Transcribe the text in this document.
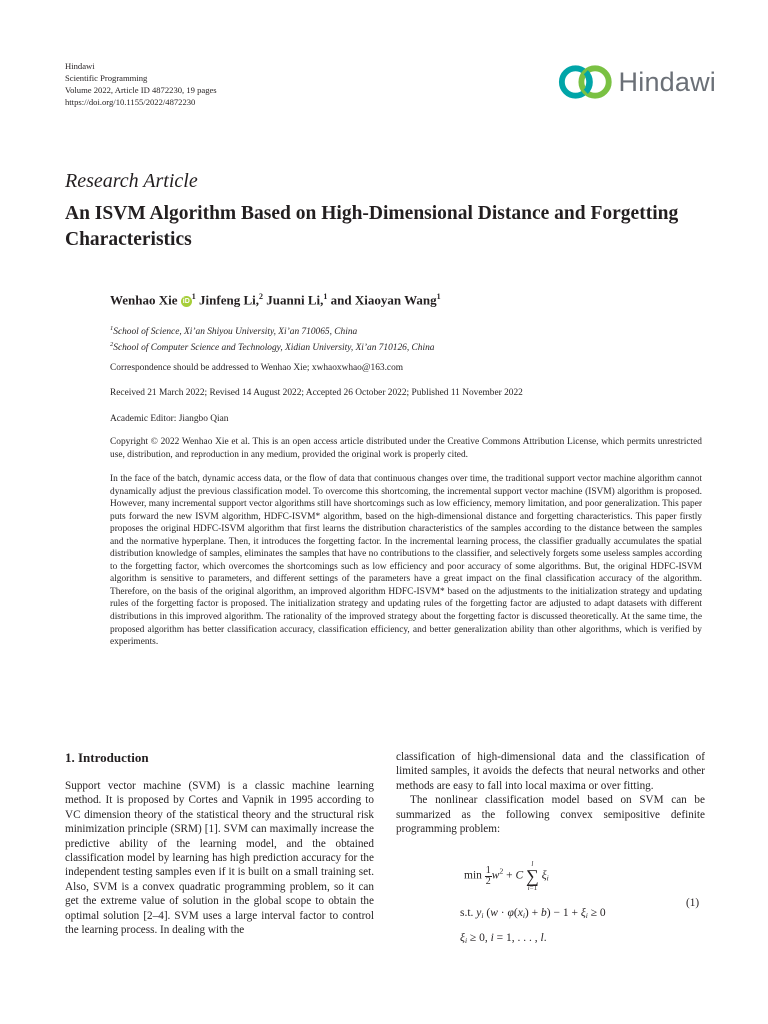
Hindawi
Scientific Programming
Volume 2022, Article ID 4872230, 19 pages
https://doi.org/10.1155/2022/4872230
Hindawi
Research Article
An ISVM Algorithm Based on High-Dimensional Distance and Forgetting Characteristics
Wenhao Xie $iD^1$ Jinfeng Li,$^2$ Juanni Li,$^1$ and Xiaoyan Wang$^1$
$^1$School of Science, Xi’an Shiyou University, Xi’an 710065, China
$^2$School of Computer Science and Technology, Xidian University, Xi’an 710126, China
Correspondence should be addressed to Wenhao Xie; xwhaoxwhao@163.com
Received 21 March 2022; Revised 14 August 2022; Accepted 26 October 2022; Published 11 November 2022
Academic Editor: Jiangbo Qian
Copyright © 2022 Wenhao Xie et al. This is an open access article distributed under the Creative Commons Attribution License, which permits unrestricted use, distribution, and reproduction in any medium, provided the original work is properly cited.
In the face of the batch, dynamic access data, or the flow of data that continuous changes over time, the traditional support vector machine algorithm cannot dynamically adjust the previous classification model. To overcome this shortcoming, the incremental support vector machine (ISVM) algorithm is proposed. However, many incremental support vector algorithms still have shortcomings such as low efficiency, memory limitation, and poor generalization. This paper puts forward the new ISVM algorithm, HDFC-ISVM* algorithm, based on the high-dimensional distance and forgetting characteristics. This paper firstly proposes the original HDFC-ISVM algorithm that first learns the distribution characteristics of the samples according to the distance between the samples and the normative hyperplane. Then, it introduces the forgetting factor. In the incremental learning process, the classifier gradually accumulates the spatial distribution knowledge of samples, eliminates the samples that have no contributions to the classifier, and selectively forgets some useless samples according to the forgetting factor, which overcomes the shortcomings such as low efficiency and poor accuracy of some algorithms. But, the original HDFC-ISVM algorithm is sensitive to parameters, and different settings of the parameters have a great impact on the final classification accuracy of the algorithm. Therefore, on the basis of the original algorithm, an improved algorithm HDFC-ISVM* based on the adjustments to the initialization strategy and updating rules of the forgetting factor is proposed. The initialization strategy and updating rules of the forgetting factor are adjusted to adapt datasets with different distributions in this improved algorithm. The rationality of the improved strategy about the forgetting factor is discussed theoretically. At the same time, the proposed algorithm has better classification accuracy, classification efficiency, and better generalization ability than other algorithms, which is verified by experiments.
1. Introduction

Support vector machine (SVM) is a classic machine learning method. It is proposed by Cortes and Vapnik in 1995 according to VC dimension theory of the statistical theory and the structural risk minimization principle (SRM) [1]. SVM can maximally increase the predictive ability of the learning model, and the obtained classification model by learning has high prediction accuracy for the independent testing samples even if it is built on a small training set. Also, SVM is a convex quadratic programming problem, so it can get the extreme value of solution in the global scope to obtain the optimal solution [2–4]. SVM uses a large interval factor to control the learning process. In dealing with the

classification of high-dimensional data and the classification of limited samples, it avoids the defects that neural networks and other methods are easy to fall into local maxima or over fitting.

The nonlinear classification model based on SVM can be summarized as the following convex semipositive definite programming problem:

$\min \frac{1}{2} w^2 + C$
l
∑
i=1
$\xi_i$
s.t. $y_i$ $(w \cdot \varphi(x_i) + b) - 1 + \xi_i \ge 0$
$\xi_i \ge 0$, i = 1, . . . , l.
(1)
